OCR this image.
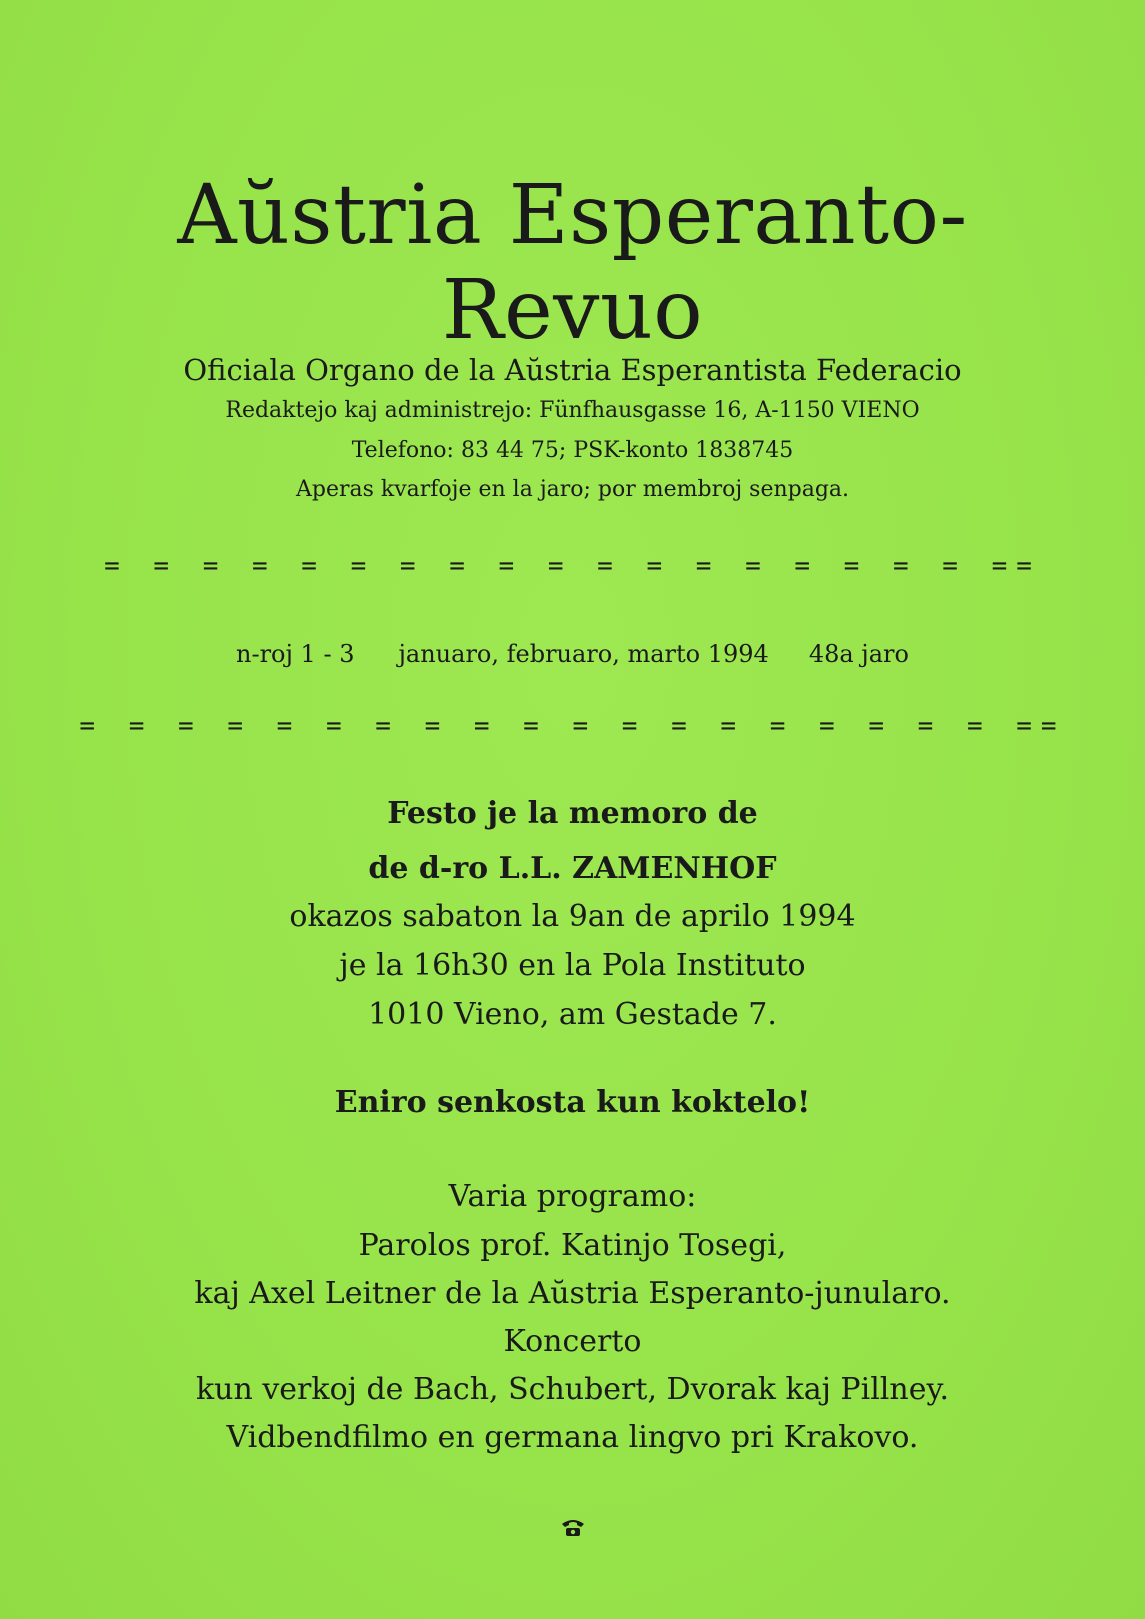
Aŭstria Esperanto-
Revuo
Oficiala Organo de la Aŭstria Esperantista Federacio
Redaktejo kaj administrejo: Fünfhausgasse 16, A-1150 VIENO
Telefono: 83 44 75; PSK-konto 1838745
Aperas kvarfoje en la jaro; por membroj senpaga.
= = = = = = = = = = = = = = = = = = ==
n-roj 1 - 3 januaro, februaro, marto 1994 48a jaro
= = = = = = = = = = = = = = = = = = = ==
Festo je la memoro de
de d-ro L.L. ZAMENHOF
okazos sabaton la 9an de aprilo 1994
je la 16h30 en la Pola Instituto
1010 Vieno, am Gestade 7.
Eniro senkosta kun koktelo!
Varia programo:
Parolos prof. Katinjo Tosegi,
kaj Axel Leitner de la Aŭstria Esperanto-junularo.
Koncerto
kun verkoj de Bach, Schubert, Dvorak kaj Pillney.
Vidbendfilmo en germana lingvo pri Krakovo.
